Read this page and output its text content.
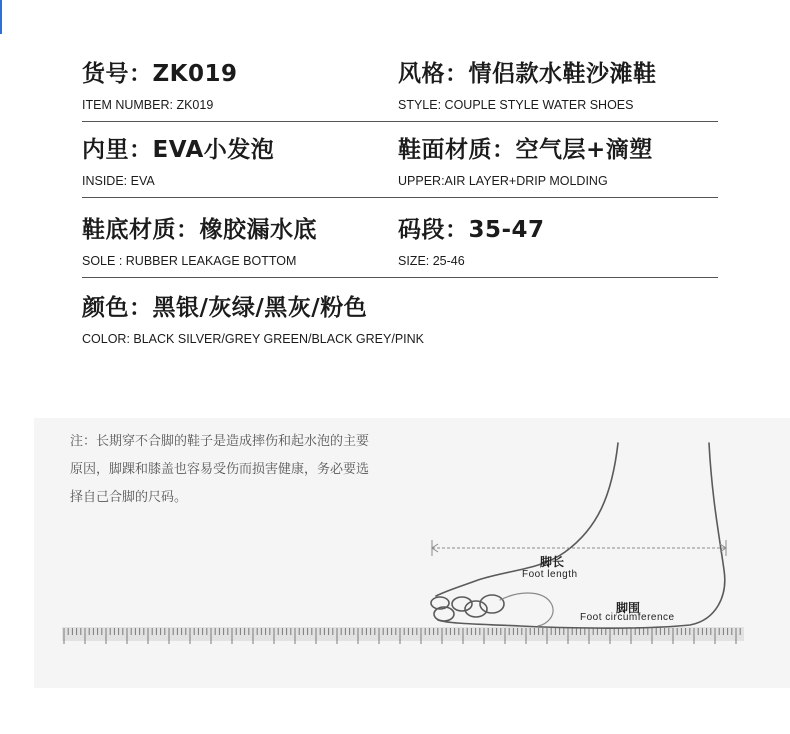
货号：ZK019
ITEM NUMBER: ZK019
风格：情侣款水鞋沙滩鞋
STYLE: COUPLE STYLE WATER SHOES
内里：EVA小发泡
INSIDE: EVA
鞋面材质：空气层+滴塑
UPPER:AIR LAYER+DRIP MOLDING
鞋底材质：橡胶漏水底
SOLE : RUBBER LEAKAGE BOTTOM
码段：35-47
SIZE: 25-46
颜色：黑银/灰绿/黑灰/粉色
COLOR: BLACK SILVER/GREY GREEN/BLACK GREY/PINK
注：长期穿不合脚的鞋子是造成摔伤和起水泡的主要
原因，脚踝和膝盖也容易受伤而损害健康，务必要选
择自己合脚的尺码。
脚长
Foot length
脚围
Foot circumference
